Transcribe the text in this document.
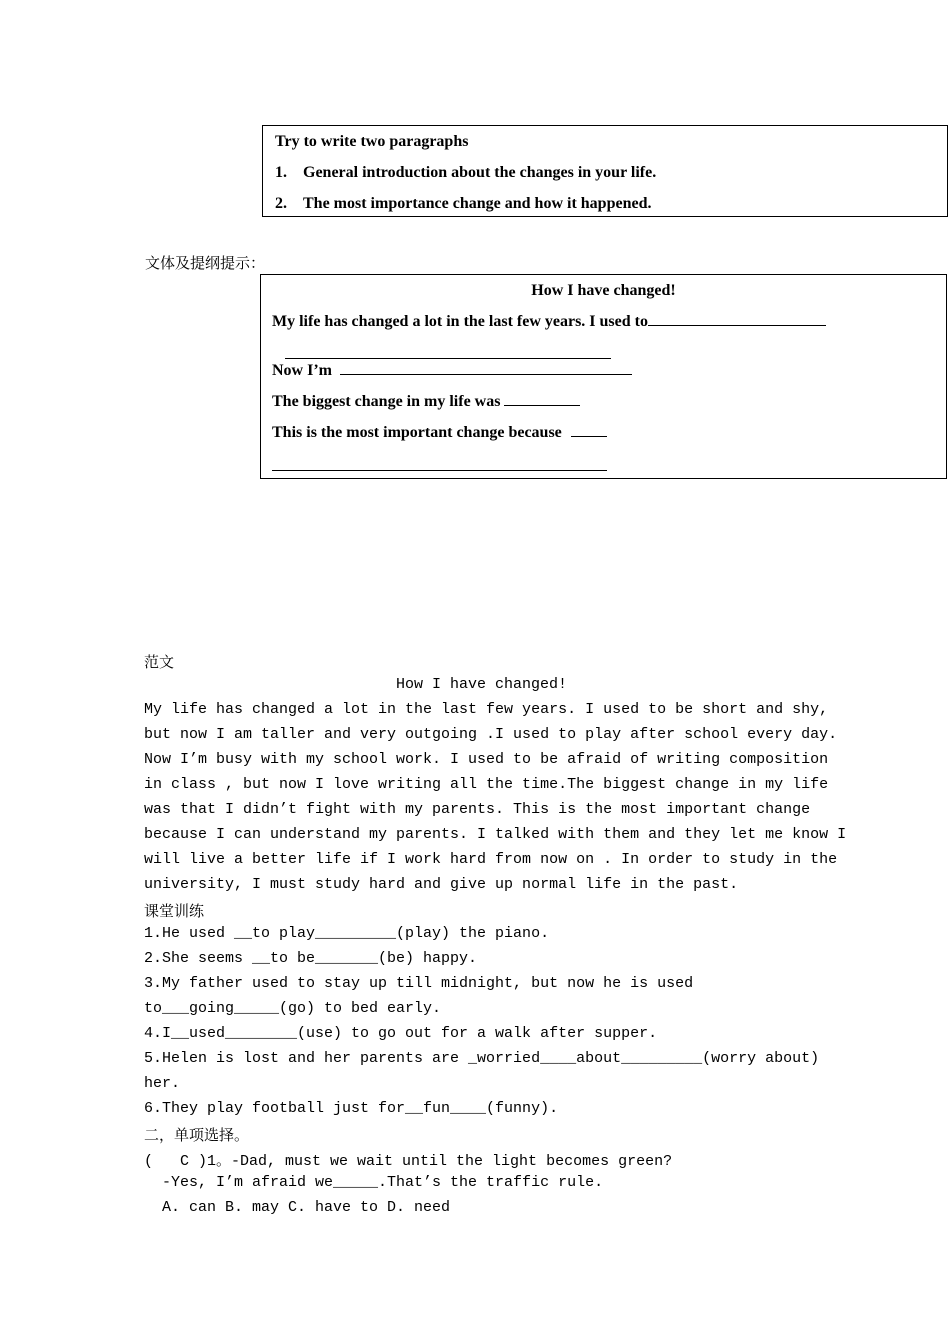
Try to write two paragraphs
1. General introduction about the changes in your life.
2. The most importance change and how it happened.
文体及提纲提示：
How I have changed!
My life has changed a lot in the last few years. I used to
Now I’m
The biggest change in my life was
This is the most important change because
范文
How I have changed!
My life has changed a lot in the last few years. I used to be short and shy,
but now I am taller and very outgoing .I used to play after school every day.
Now I’m busy with my school work. I used to be afraid of writing composition
in class , but now I love writing all the time.The biggest change in my life
was that I didn’t fight with my parents. This is the most important change
because I can understand my parents. I talked with them and they let me know I
will live a better life if I work hard from now on . In order to study in the
university, I must study hard and give up normal life in the past.
课堂训练
1.He used __to play_________(play) the piano.
2.She seems __to be_______(be) happy.
3.My father used to stay up till midnight, but now he is used
to___going_____(go) to bed early.
4.I__used________(use) to go out for a walk after supper.
5.Helen is lost and her parents are _worried____about_________(worry about)
her.
6.They play football just for__fun____(funny).
二，单项选择。
(   C )1。-Dad, must we wait until the light becomes green?
-Yes, I’m afraid we_____.That’s the traffic rule.
A. can B. may C. have to D. need
